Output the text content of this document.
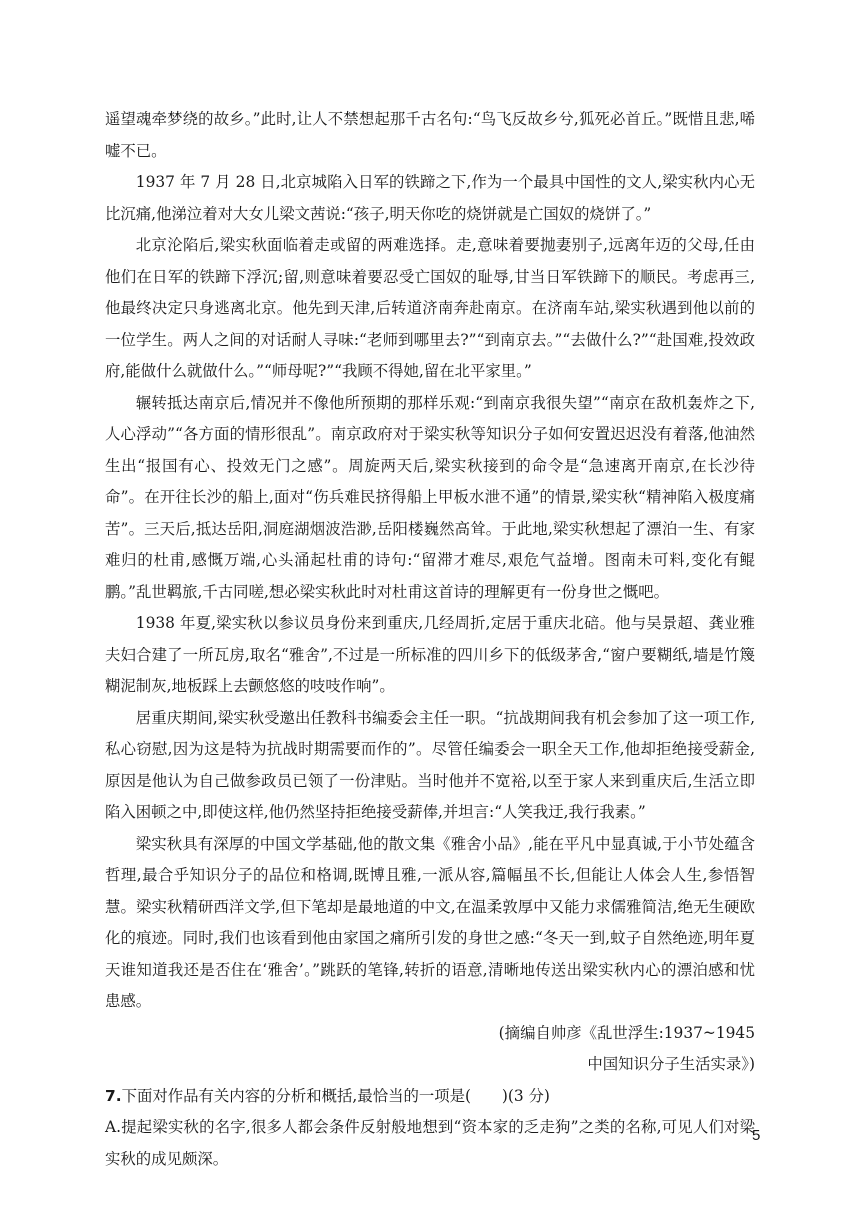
遥望魂牵梦绕的故乡。”此时,让人不禁想起那千古名句:“鸟飞反故乡兮,狐死必首丘。”既惜且悲,唏嘘不已。

1937 年 7 月 28 日,北京城陷入日军的铁蹄之下,作为一个最具中国性的文人,梁实秋内心无比沉痛,他涕泣着对大女儿梁文茜说:“孩子,明天你吃的烧饼就是亡国奴的烧饼了。”

北京沦陷后,梁实秋面临着走或留的两难选择。走,意味着要抛妻别子,远离年迈的父母,任由他们在日军的铁蹄下浮沉;留,则意味着要忍受亡国奴的耻辱,甘当日军铁蹄下的顺民。考虑再三,他最终决定只身逃离北京。他先到天津,后转道济南奔赴南京。在济南车站,梁实秋遇到他以前的一位学生。两人之间的对话耐人寻味:“老师到哪里去?”“到南京去。”“去做什么?”“赴国难,投效政府,能做什么就做什么。”“师母呢?”“我顾不得她,留在北平家里。”

辗转抵达南京后,情况并不像他所预期的那样乐观:“到南京我很失望”“南京在敌机轰炸之下,人心浮动”“各方面的情形很乱”。南京政府对于梁实秋等知识分子如何安置迟迟没有着落,他油然生出“报国有心、投效无门之感”。周旋两天后,梁实秋接到的命令是“急速离开南京,在长沙待命”。在开往长沙的船上,面对“伤兵难民挤得船上甲板水泄不通”的情景,梁实秋“精神陷入极度痛苦”。三天后,抵达岳阳,洞庭湖烟波浩渺,岳阳楼巍然高耸。于此地,梁实秋想起了漂泊一生、有家难归的杜甫,感慨万端,心头涌起杜甫的诗句:“留滞才难尽,艰危气益增。图南未可料,变化有鲲鹏。”乱世羁旅,千古同嗟,想必梁实秋此时对杜甫这首诗的理解更有一份身世之慨吧。

1938 年夏,梁实秋以参议员身份来到重庆,几经周折,定居于重庆北碚。他与吴景超、龚业雅夫妇合建了一所瓦房,取名“雅舍”,不过是一所标准的四川乡下的低级茅舍,“窗户要糊纸,墙是竹篾糊泥制灰,地板踩上去颤悠悠的吱吱作响”。

居重庆期间,梁实秋受邀出任教科书编委会主任一职。“抗战期间我有机会参加了这一项工作,私心窃慰,因为这是特为抗战时期需要而作的”。尽管任编委会一职全天工作,他却拒绝接受薪金,原因是他认为自己做参政员已领了一份津贴。当时他并不宽裕,以至于家人来到重庆后,生活立即陷入困顿之中,即使这样,他仍然坚持拒绝接受薪俸,并坦言:“人笑我迂,我行我素。”

梁实秋具有深厚的中国文学基础,他的散文集《雅舍小品》,能在平凡中显真诚,于小节处蕴含哲理,最合乎知识分子的品位和格调,既博且雅,一派从容,篇幅虽不长,但能让人体会人生,参悟智慧。梁实秋精研西洋文学,但下笔却是最地道的中文,在温柔敦厚中又能力求儒雅简洁,绝无生硬欧化的痕迹。同时,我们也该看到他由家国之痛所引发的身世之感:“冬天一到,蚊子自然绝迹,明年夏天谁知道我还是否住在‘雅舍’。”跳跃的笔锋,转折的语意,清晰地传送出梁实秋内心的漂泊感和忧患感。

(摘编自帅彦《乱世浮生:1937~1945

中国知识分子生活实录》)

7.下面对作品有关内容的分析和概括,最恰当的一项是(　　)(3 分)

A.提起梁实秋的名字,很多人都会条件反射般地想到“资本家的乏走狗”之类的名称,可见人们对梁实秋的成见颇深。

5
